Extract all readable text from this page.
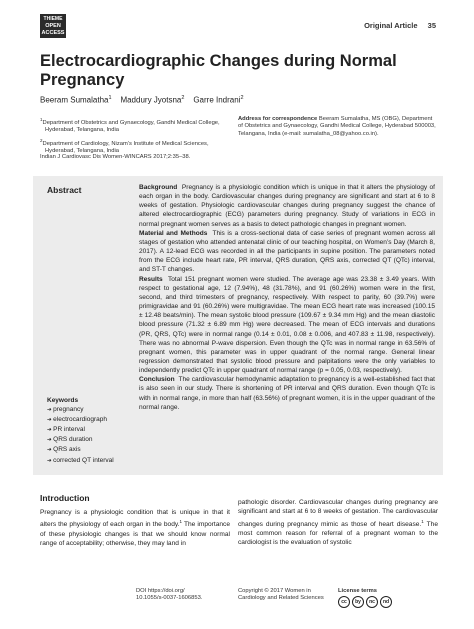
THIEME
OPEN
ACCESS
Original Article 35
Electrocardiographic Changes during Normal Pregnancy
Beeram Sumalatha$^1$ Maddury Jyotsna$^2$ Garre Indrani$^2$

$^1$Department of Obstetrics and Gynaecology, Gandhi Medical College, Hyderabad, Telangana, India

$^2$Department of Cardiology, Nizam’s Institute of Medical Sciences, Hyderabad, Telangana, India

Address for correspondence Beeram Sumalatha, MS (OBG), Department of Obstetrics and Gynaecology, Gandhi Medical College, Hyderabad 500003, Telangana, India (e-mail: sumalatha_08@yahoo.co.in).
Indian J Cardiovasc Dis Women-WINCARS 2017;2:35–38.
Abstract	Background Pregnancy is a physiologic condition which is unique in that it alters the physiology of each organ in the body. Cardiovascular changes during pregnancy are significant and start at 6 to 8 weeks of gestation. Physiologic cardiovascular changes during pregnancy suggest the chance of altered electrocardiographic (ECG) parameters during pregnancy. Study of variations in ECG in normal pregnant women serves as a basis to detect pathologic changes in pregnant women.
Material and Methods This is a cross-sectional data of case series of pregnant women across all stages of gestation who attended antenatal clinic of our teaching hospital, on Women’s Day (March 8, 2017). A 12-lead ECG was recorded in all the participants in supine position. The parameters noted from the ECG include heart rate, PR interval, QRS duration, QRS axis, corrected QT (QTc) interval, and ST-T changes.
Results Total 151 pregnant women were studied. The average age was 23.38 ± 3.49 years. With respect to gestational age, 12 (7.94%), 48 (31.78%), and 91 (60.26%) women were in the first, second, and third trimesters of pregnancy, respectively. With respect to parity, 60 (39.7%) were primigravidae and 91 (60.26%) were multigravidae. The mean ECG heart rate was increased (100.15 ± 12.48 beats/min). The mean systolic blood pressure (109.67 ± 9.34 mm Hg) and the mean diastolic blood pressure (71.32 ± 6.89 mm Hg) were decreased. The mean of ECG intervals and durations (PR, QRS, QTc) were in normal range (0.14 ± 0.01, 0.08 ± 0.006, and 407.83 ± 11.98, respectively). There was no abnormal P-wave dispersion. Even though the QTc was in normal range in 63.56% of pregnant women, this parameter was in upper quadrant of the normal range. General linear regression demonstrated that systolic blood pressure and palpitations were the only variables to independently predict QTc in upper quadrant of normal range (p = 0.05, 0.03, respectively).
Conclusion The cardiovascular hemodynamic adaptation to pregnancy is a well-established fact that is also seen in our study. There is shortening of PR interval and QRS duration. Even though QTc is with in normal range, in more than half (63.56%) of pregnant women, it is in the upper quadrant of the normal range.
Keywords
➔ pregnancy
➔ electrocardiograph
➔ PR interval
➔ QRS duration
➔ QRS axis
➔ corrected QT interval
Introduction
Pregnancy is a physiologic condition that is unique in that it alters the physiology of each organ in the body.$^1$ The importance of these physiologic changes is that we should know normal range of acceptability; otherwise, they may land in
pathologic disorder. Cardiovascular changes during pregnancy are significant and start at 6 to 8 weeks of gestation. The cardiovascular changes during pregnancy mimic as those of heart disease.$^1$ The most common reason for referral of a pregnant woman to the cardiologist is the evaluation of systolic
DOI https://doi.org/
10.1055/s-0037-1606853.
Copyright © 2017 Women in Cardiology and Related Sciences
License terms
cc	by	nc	nd
